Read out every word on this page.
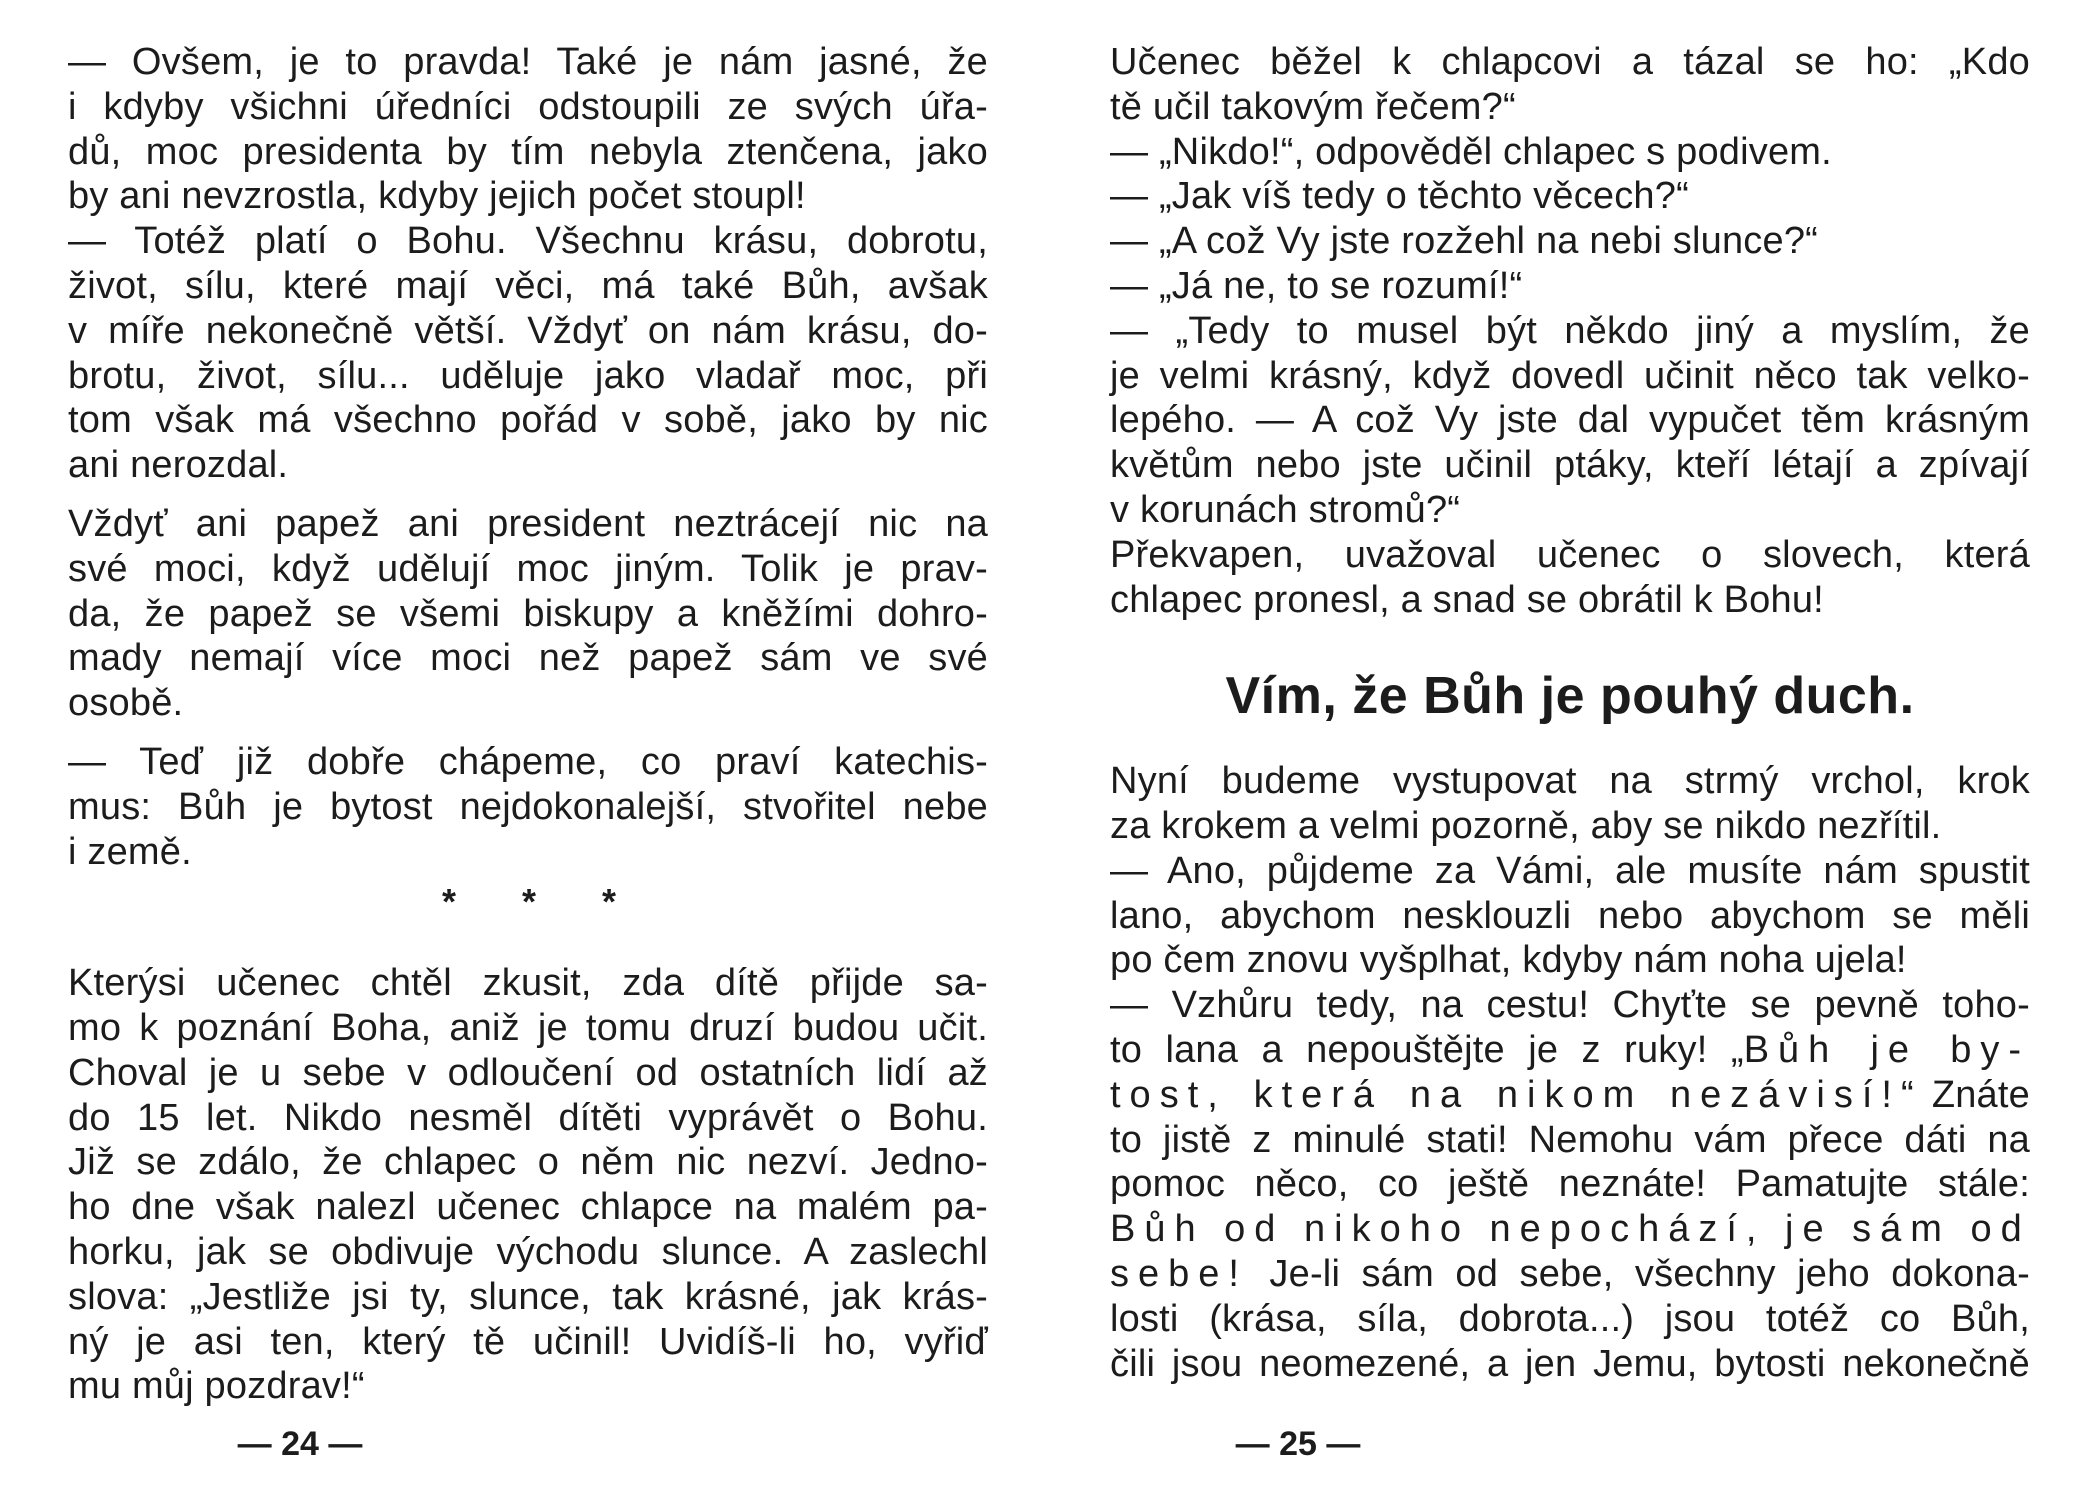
— Ovšem, je to pravda! Také je nám jasné, že
i kdyby všichni úředníci odstoupili ze svých úřa-
dů, moc presidenta by tím nebyla ztenčena, jako
by ani nevzrostla, kdyby jejich počet stoupl!

— Totéž platí o Bohu. Všechnu krásu, dobrotu,
život, sílu, které mají věci, má také Bůh, avšak
v míře nekonečně větší. Vždyť on nám krásu, do-
brotu, život, sílu... uděluje jako vladař moc, při
tom však má všechno pořád v sobě, jako by nic
ani nerozdal.

Vždyť ani papež ani president neztrácejí nic na
své moci, když udělují moc jiným. Tolik je prav-
da, že papež se všemi biskupy a kněžími dohro-
mady nemají více moci než papež sám ve své
osobě.

— Teď již dobře chápeme, co praví katechis-
mus: Bůh je bytost nejdokonalejší, stvořitel nebe
i země.

* * *

Kterýsi učenec chtěl zkusit, zda dítě přijde sa-
mo k poznání Boha, aniž je tomu druzí budou učit.
Choval je u sebe v odloučení od ostatních lidí až
do 15 let. Nikdo nesměl dítěti vyprávět o Bohu.
Již se zdálo, že chlapec o něm nic nezví. Jedno-
ho dne však nalezl učenec chlapce na malém pa-
horku, jak se obdivuje východu slunce. A zaslechl
slova: „Jestliže jsi ty, slunce, tak krásné, jak krás-
ný je asi ten, který tě učinil! Uvidíš-li ho, vyřiď
mu můj pozdrav!“

— 24 —

Učenec běžel k chlapcovi a tázal se ho: „Kdo
tě učil takovým řečem?“

— „Nikdo!“, odpověděl chlapec s podivem.

— „Jak víš tedy o těchto věcech?“

— „A což Vy jste rozžehl na nebi slunce?“

— „Já ne, to se rozumí!“

— „Tedy to musel být někdo jiný a myslím, že
je velmi krásný, když dovedl učinit něco tak velko-
lepého. — A což Vy jste dal vypučet těm krásným
květům nebo jste učinil ptáky, kteří létají a zpívají
v korunách stromů?“

Překvapen, uvažoval učenec o slovech, která
chlapec pronesl, a snad se obrátil k Bohu!

Vím, že Bůh je pouhý duch.

Nyní budeme vystupovat na strmý vrchol, krok
za krokem a velmi pozorně, aby se nikdo nezřítil.

— Ano, půjdeme za Vámi, ale musíte nám spustit
lano, abychom nesklouzli nebo abychom se měli
po čem znovu vyšplhat, kdyby nám noha ujela!

— Vzhůru tedy, na cestu! Chyťte se pevně toho-
to lana a nepouštějte je z ruky! „Bůh je by-
tost, která na nikom nezávisí!“ Znáte
to jistě z minulé stati! Nemohu vám přece dáti na
pomoc něco, co ještě neznáte! Pamatujte stále:
Bůh od nikoho nepochází, je sám od
sebe! Je-li sám od sebe, všechny jeho dokona-
losti (krása, síla, dobrota...) jsou totéž co Bůh,
čili jsou neomezené, a jen Jemu, bytosti nekonečně

— 25 —
